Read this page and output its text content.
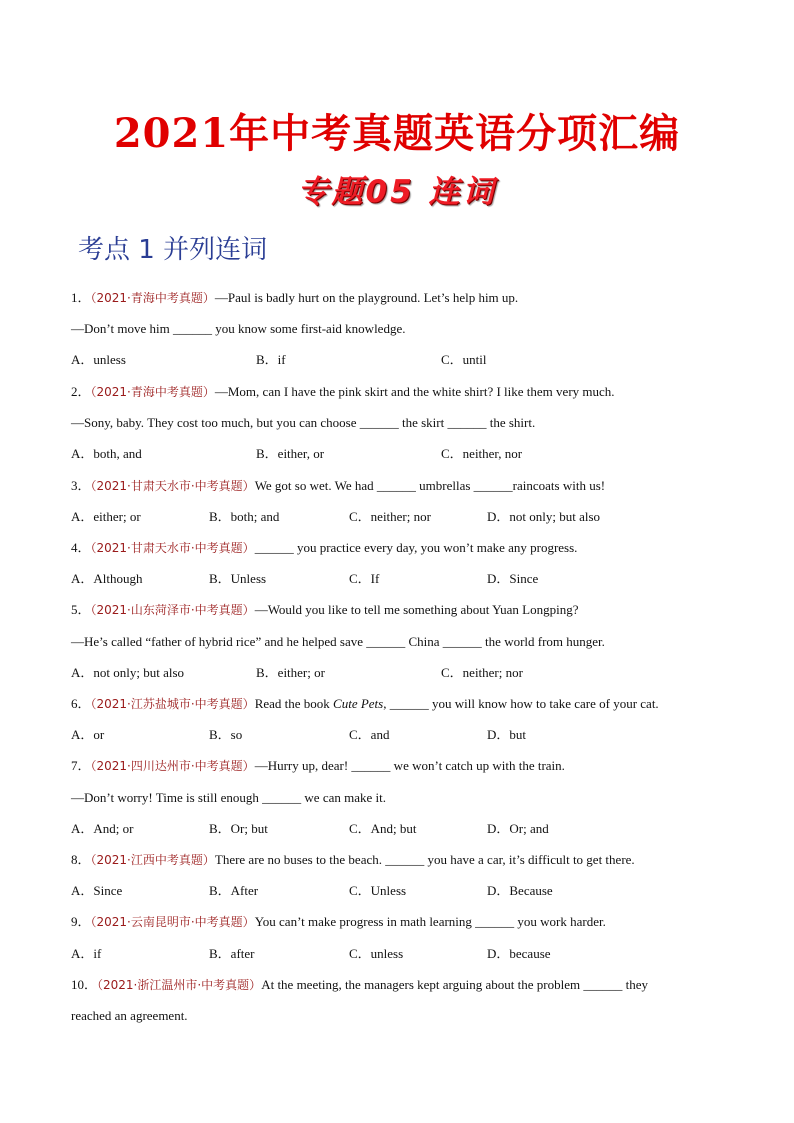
2021年中考真题英语分项汇编
专题05 连词
考点 1 并列连词
1．（2021·青海中考真题）—Paul is badly hurt on the playground. Let’s help him up.
—Don’t move him ______ you know some first-aid knowledge.
A．unless	B．if	C．until
2．（2021·青海中考真题）—Mom, can I have the pink skirt and the white shirt? I like them very much.
—Sony, baby. They cost too much, but you can choose ______ the skirt ______ the shirt.
A．both, and	B．either, or	C．neither, nor
3．（2021·甘肃天水市·中考真题）We got so wet. We had ______ umbrellas ______raincoats with us!
A．either; or	B．both; and	C．neither; nor	D．not only; but also
4．（2021·甘肃天水市·中考真题）______ you practice every day, you won’t make any progress.
A．Although	B．Unless	C．If	D．Since
5．（2021·山东菏泽市·中考真题）—Would you like to tell me something about Yuan Longping?
—He’s called “father of hybrid rice” and he helped save ______ China ______ the world from hunger.
A．not only; but also	B．either; or	C．neither; nor
6．（2021·江苏盐城市·中考真题）Read the book Cute Pets, ______ you will know how to take care of your cat.
A．or	B．so	C．and	D．but
7．（2021·四川达州市·中考真题）—Hurry up, dear! ______ we won’t catch up with the train.
—Don’t worry! Time is still enough ______ we can make it.
A．And; or	B．Or; but	C．And; but	D．Or; and
8．（2021·江西中考真题）There are no buses to the beach. ______ you have a car, it’s difficult to get there.
A．Since	B．After	C．Unless	D．Because
9．（2021·云南昆明市·中考真题）You can’t make progress in math learning ______ you work harder.
A．if	B．after	C．unless	D．because
10．（2021·浙江温州市·中考真题）At the meeting, the managers kept arguing about the problem ______ they
reached an agreement.
